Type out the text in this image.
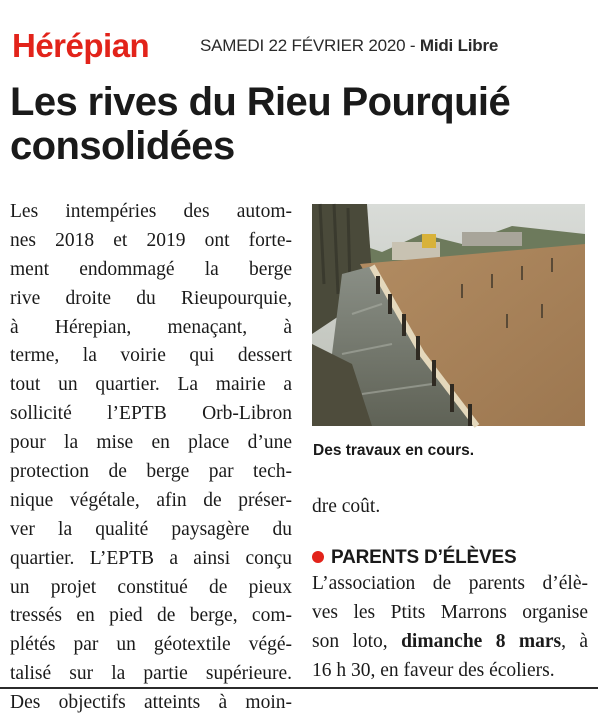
Hérépian	SAMEDI 22 FÉVRIER 2020 - Midi Libre
Les rives du Rieu Pourquié
consolidées
Les intempéries des autom-
nes 2018 et 2019 ont forte-
ment endommagé la berge
rive droite du Rieupourquie,
à Hérepian, menaçant, à
terme, la voirie qui dessert
tout un quartier. La mairie a
sollicité l’EPTB Orb-Libron
pour la mise en place d’une
protection de berge par tech-
nique végétale, afin de préser-
ver la qualité paysagère du
quartier. L’EPTB a ainsi conçu
un projet constitué de pieux
tressés en pied de berge, com-
plétés par un géotextile végé-
talisé sur la partie supérieure.
Des objectifs atteints à moin-
Des travaux en cours.
dre coût.
PARENTS D’ÉLÈVES
L’association de parents d’élè-
ves les Ptits Marrons organise
son loto, dimanche 8 mars, à
16 h 30, en faveur des écoliers.
